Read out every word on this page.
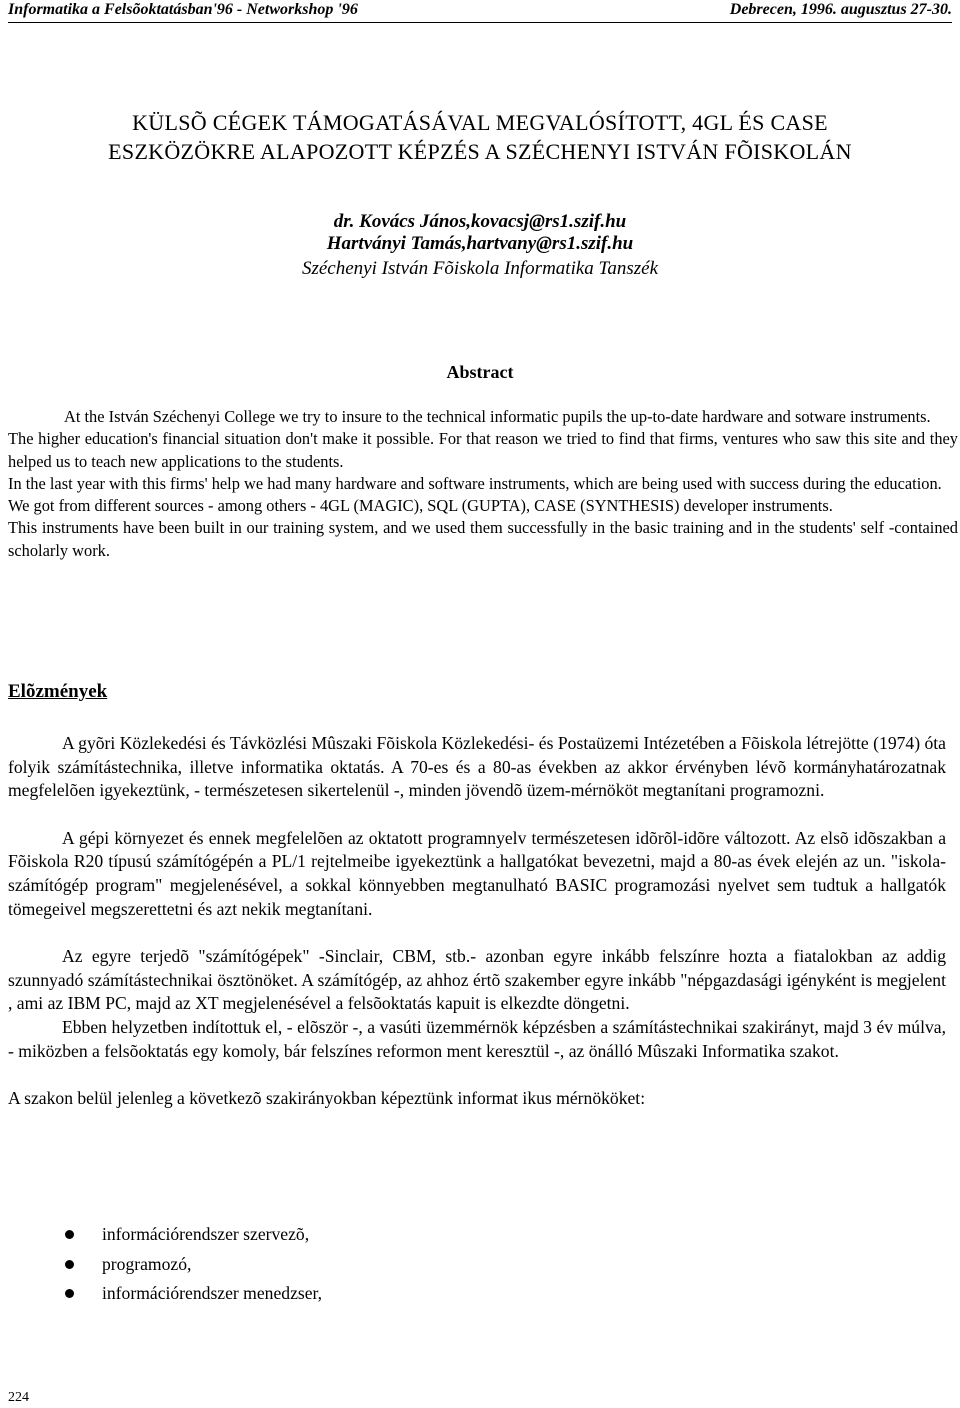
Informatika a Felsõoktatásban'96 - Networkshop '96	Debrecen, 1996. augusztus 27-30.
KÜLSÕ CÉGEK TÁMOGATÁSÁVAL MEGVALÓSÍTOTT, 4GL ÉS CASE
ESZKÖZÖKRE ALAPOZOTT KÉPZÉS A SZÉCHENYI ISTVÁN FÕISKOLÁN
dr. Kovács János,kovacsj@rs1.szif.hu
Hartványi Tamás,hartvany@rs1.szif.hu
Széchenyi István Fõiskola Informatika Tanszék
Abstract

At the István Széchenyi College we try to insure to the technical informatic pupils the up-to-date hardware and sotware instruments.

The higher education's financial situation don't make it possible. For that reason we tried to find that firms, ventures who saw this site and they helped us to teach new applications to the students.

In the last year with this firms' help we had many hardware and software instruments, which are being used with success during the education.

We got from different sources - among others - 4GL (MAGIC), SQL (GUPTA), CASE (SYNTHESIS) developer instruments.

This instruments have been built in our training system, and we used them successfully in the basic training and in the students' self -contained scholarly work.

Elõzmények

A gyõri Közlekedési és Távközlési Mûszaki Fõiskola Közlekedési- és Postaüzemi Intézetében a Fõiskola létrejötte (1974) óta folyik számítástechnika, illetve informatika oktatás. A 70-es és a 80-as években az akkor érvényben lévõ kormányhatározatnak megfelelõen igyekeztünk, - természetesen sikertelenül -, minden jövendõ üzem-mérnököt megtanítani programozni.

A gépi környezet és ennek megfelelõen az oktatott programnyelv természetesen idõrõl-idõre változott. Az elsõ idõszakban a Fõiskola R20 típusú számítógépén a PL/1 rejtelmeibe igyekeztünk a hallgatókat bevezetni, majd a 80-as évek elején az un. "iskola-számítógép program" megjelenésével, a sokkal könnyebben megtanulható BASIC programozási nyelvet sem tudtuk a hallgatók tömegeivel megszerettetni és azt nekik megtanítani.

Az egyre terjedõ "számítógépek" -Sinclair, CBM, stb.- azonban egyre inkább felszínre hozta a fiatalokban az addig szunnyadó számítástechnikai ösztönöket. A számítógép, az ahhoz értõ szakember egyre inkább "népgazdasági igényként is megjelent , ami az IBM PC, majd az XT megjelenésével a felsõoktatás kapuit is elkezdte döngetni.

Ebben helyzetben indítottuk el, - elõször -, a vasúti üzemmérnök képzésben a számítástechnikai szakirányt, majd 3 év múlva, - miközben a felsõoktatás egy komoly, bár felszínes reformon ment keresztül -, az önálló Mûszaki Informatika szakot.

A szakon belül jelenleg a következõ szakirányokban képeztünk informat ikus mérnököket:

információrendszer szervezõ,
programozó,
információrendszer menedzser,
224
